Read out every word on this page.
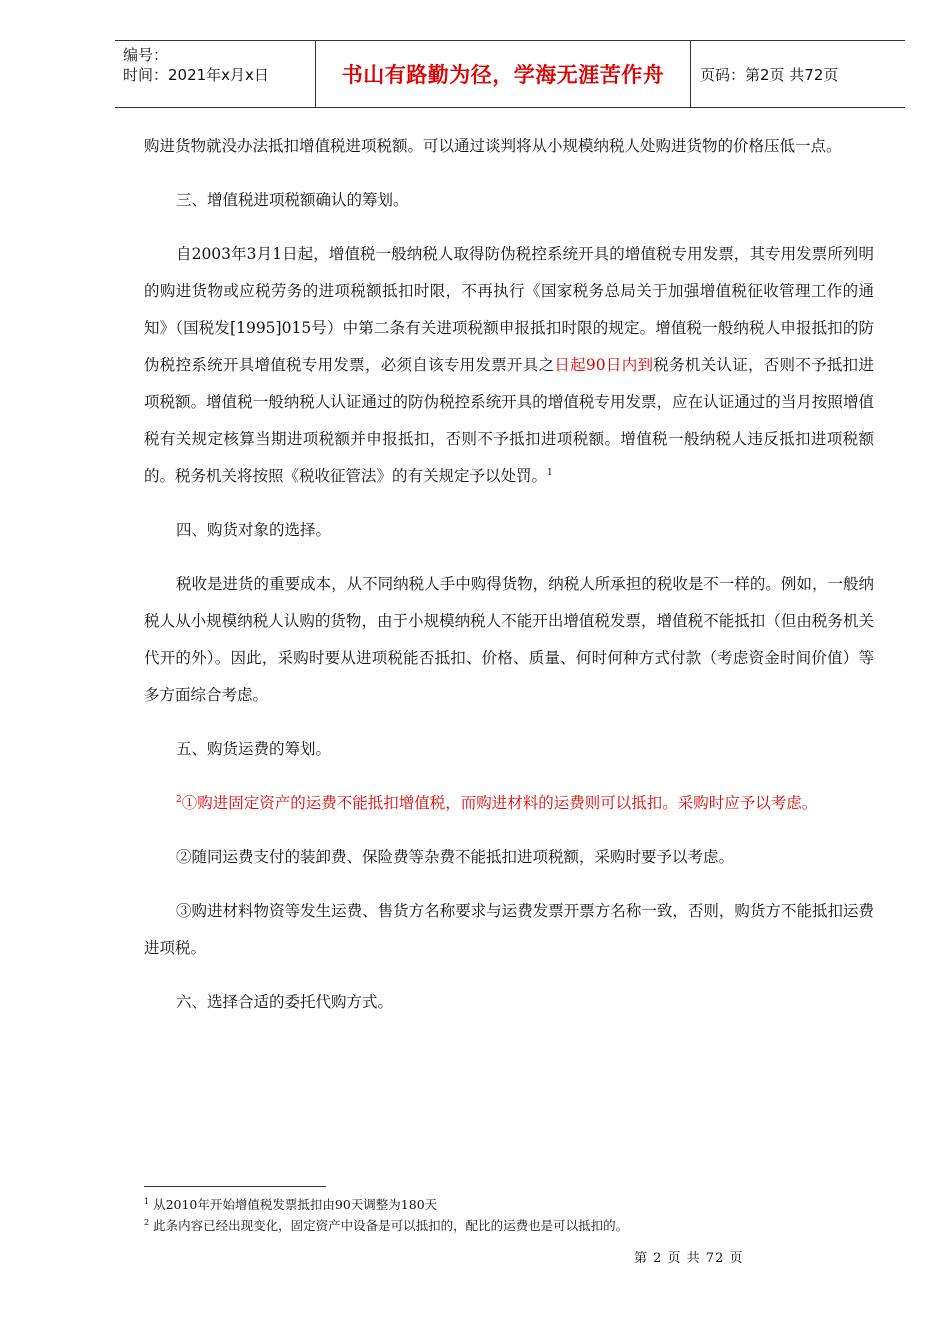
编号：
时间：2021年x月x日	书山有路勤为径，学海无涯苦作舟	页码：第2页 共72页

购进货物就没办法抵扣增值税进项税额。可以通过谈判将从小规模纳税人处购进货物的价格压低一点。

三、增值税进项税额确认的筹划。

自2003年3月1日起，增值税一般纳税人取得防伪税控系统开具的增值税专用发票，其专用发票所列明的购进货物或应税劳务的进项税额抵扣时限，不再执行《国家税务总局关于加强增值税征收管理工作的通知》（国税发[1995]015号）中第二条有关进项税额申报抵扣时限的规定。增值税一般纳税人申报抵扣的防伪税控系统开具增值税专用发票，必须自该专用发票开具之日起90日内到税务机关认证，否则不予抵扣进项税额。增值税一般纳税人认证通过的防伪税控系统开具的增值税专用发票，应在认证通过的当月按照增值税有关规定核算当期进项税额并申报抵扣，否则不予抵扣进项税额。增值税一般纳税人违反抵扣进项税额的。税务机关将按照《税收征管法》的有关规定予以处罚。$^1$

四、购货对象的选择。

税收是进货的重要成本，从不同纳税人手中购得货物，纳税人所承担的税收是不一样的。例如，一般纳税人从小规模纳税人认购的货物，由于小规模纳税人不能开出增值税发票，增值税不能抵扣（但由税务机关代开的外）。因此，采购时要从进项税能否抵扣、价格、质量、何时何种方式付款（考虑资金时间价值）等多方面综合考虑。

五、购货运费的筹划。

$^2$①购进固定资产的运费不能抵扣增值税，而购进材料的运费则可以抵扣。采购时应予以考虑。

②随同运费支付的装卸费、保险费等杂费不能抵扣进项税额，采购时要予以考虑。

③购进材料物资等发生运费、售货方名称要求与运费发票开票方名称一致，否则，购货方不能抵扣运费进项税。

六、选择合适的委托代购方式。

$^1$ 从2010年开始增值税发票抵扣由90天调整为180天
$^2$ 此条内容已经出现变化，固定资产中设备是可以抵扣的，配比的运费也是可以抵扣的。
第 2 页 共 72 页
